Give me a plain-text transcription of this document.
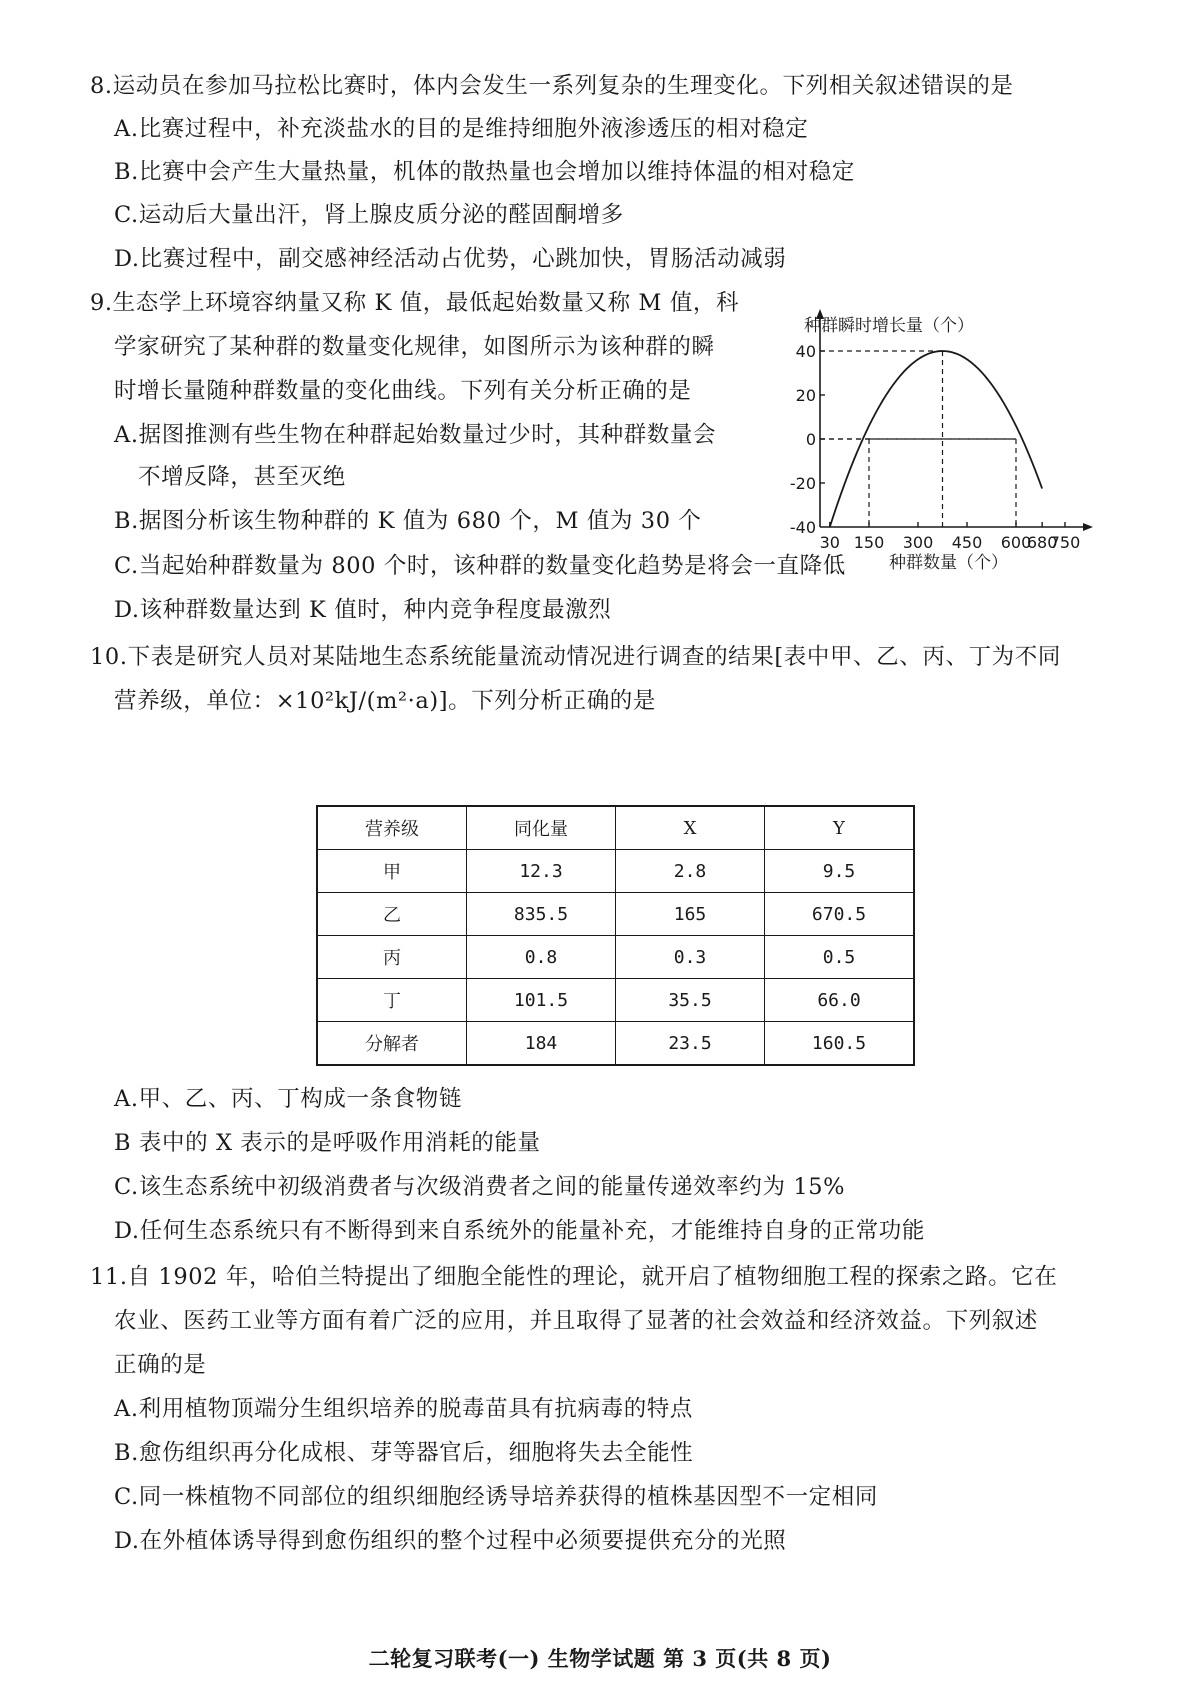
8.运动员在参加马拉松比赛时，体内会发生一系列复杂的生理变化。下列相关叙述错误的是
A.比赛过程中，补充淡盐水的目的是维持细胞外液渗透压的相对稳定
B.比赛中会产生大量热量，机体的散热量也会增加以维持体温的相对稳定
C.运动后大量出汗，肾上腺皮质分泌的醛固酮增多
D.比赛过程中，副交感神经活动占优势，心跳加快，胃肠活动减弱
9.生态学上环境容纳量又称 K 值，最低起始数量又称 M 值，科
学家研究了某种群的数量变化规律，如图所示为该种群的瞬
时增长量随种群数量的变化曲线。下列有关分析正确的是
A.据图推测有些生物在种群起始数量过少时，其种群数量会
不增反降，甚至灭绝
B.据图分析该生物种群的 K 值为 680 个，M 值为 30 个
C.当起始种群数量为 800 个时，该种群的数量变化趋势是将会一直降低
D.该种群数量达到 K 值时，种内竞争程度最激烈
40
20
0
-20
-40
30 150 300 450 600
680
750
种群瞬时增长量（个）
种群数量（个）
10.下表是研究人员对某陆地生态系统能量流动情况进行调查的结果[表中甲、乙、丙、丁为不同
营养级，单位：×10²kJ/(m²·a)]。下列分析正确的是
营养级	同化量	X	Y
甲	12.3	2.8	9.5
乙	835.5	165	670.5
丙	0.8	0.3	0.5
丁	101.5	35.5	66.0
分解者	184	23.5	160.5
A.甲、乙、丙、丁构成一条食物链
B 表中的 X 表示的是呼吸作用消耗的能量
C.该生态系统中初级消费者与次级消费者之间的能量传递效率约为 15%
D.任何生态系统只有不断得到来自系统外的能量补充，才能维持自身的正常功能
11.自 1902 年，哈伯兰特提出了细胞全能性的理论，就开启了植物细胞工程的探索之路。它在
农业、医药工业等方面有着广泛的应用，并且取得了显著的社会效益和经济效益。下列叙述
正确的是
A.利用植物顶端分生组织培养的脱毒苗具有抗病毒的特点
B.愈伤组织再分化成根、芽等器官后，细胞将失去全能性
C.同一株植物不同部位的组织细胞经诱导培养获得的植株基因型不一定相同
D.在外植体诱导得到愈伤组织的整个过程中必须要提供充分的光照
二轮复习联考(一) 生物学试题 第 3 页(共 8 页)
